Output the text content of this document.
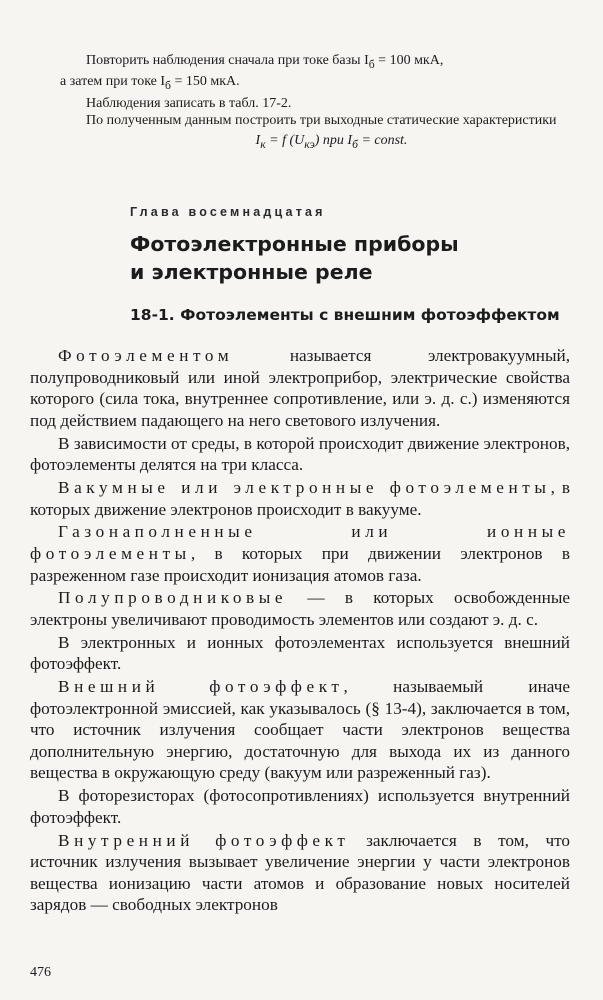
Повторить наблюдения сначала при токе базы $I_б = 100$ мкА,
а затем при токе $I_б = 150$ мкА.

Наблюдения записать в табл. 17-2.

По полученным данным построить три выходные статические характеристики

$I_к = f$ $(U_{кэ})$ при $I_б$ = const.
Глава восемнадцатая
Фотоэлектронные приборы
и электронные реле
18-1. Фотоэлементы с внешним фотоэффектом

Фотоэлементом называется электровакуумный, полупроводниковый или иной электроприбор, электрические свойства которого (сила тока, внутреннее сопротивление, или э. д. с.) изменяются под действием падающего на него светового излучения.

В зависимости от среды, в которой происходит движение электронов, фотоэлементы делятся на три класса.

Вакумные или электронные фотоэлементы, в которых движение электронов происходит в вакууме.

Газонаполненные или ионные фотоэлементы, в которых при движении электронов в разреженном газе происходит ионизация атомов газа.

Полупроводниковые — в которых освобожденные электроны увеличивают проводимость элементов или создают э. д. с.

В электронных и ионных фотоэлементах используется внешний фотоэффект.

Внешний фотоэффект, называемый иначе фотоэлектронной эмиссией, как указывалось (§ 13-4), заключается в том, что источник излучения сообщает части электронов вещества дополнительную энергию, достаточную для выхода их из данного вещества в окружающую среду (вакуум или разреженный газ).

В фоторезисторах (фотосопротивлениях) используется внутренний фотоэффект.

Внутренний фотоэффект заключается в том, что источник излучения вызывает увеличение энергии у части электронов вещества ионизацию части атомов и образование новых носителей зарядов — свободных электронов

476
